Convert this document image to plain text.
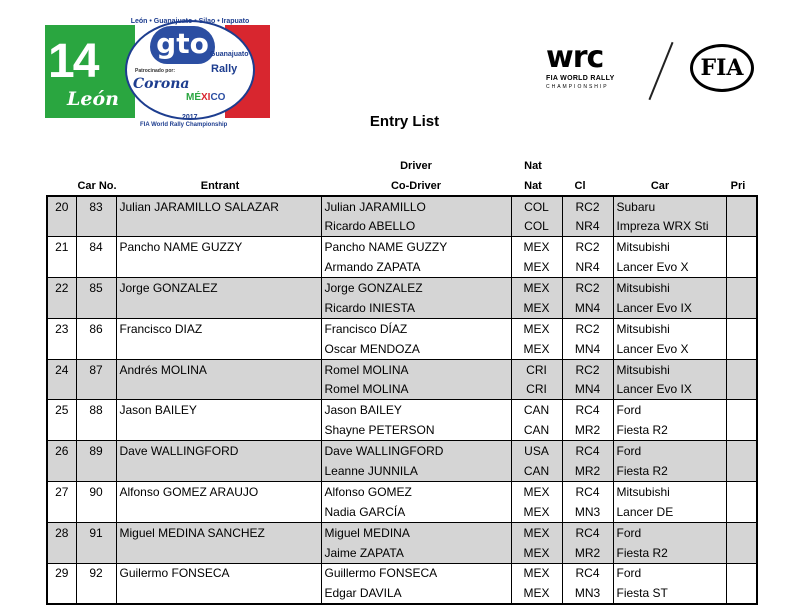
14
León
León • Guanajuato • Silao • Irapuato
gto Guanajuato
Rally
Patrocinado por:
Corona
MÉXICO
2017
FIA World Rally Championship
wrc
FIA WORLD RALLY
CHAMPIONSHIP
FIA
Entry List
Driver	Nat
Car No.	Entrant	Co-Driver	Nat	Cl	Car	Pri
20	83	Julian JARAMILLO SALAZAR	Julian JARAMILLO	COL	RC2	Subaru	
			Ricardo ABELLO	COL	NR4	Impreza WRX Sti	
21	84	Pancho NAME GUZZY	Pancho NAME GUZZY	MEX	RC2	Mitsubishi	
			Armando ZAPATA	MEX	NR4	Lancer Evo X	
22	85	Jorge GONZALEZ	Jorge GONZALEZ	MEX	RC2	Mitsubishi	
			Ricardo INIESTA	MEX	MN4	Lancer Evo IX	
23	86	Francisco DIAZ	Francisco DÍAZ	MEX	RC2	Mitsubishi	
			Oscar MENDOZA	MEX	MN4	Lancer Evo X	
24	87	Andrés MOLINA	Romel MOLINA	CRI	RC2	Mitsubishi	
			Romel MOLINA	CRI	MN4	Lancer Evo IX	
25	88	Jason BAILEY	Jason BAILEY	CAN	RC4	Ford	
			Shayne PETERSON	CAN	MR2	Fiesta R2	
26	89	Dave WALLINGFORD	Dave WALLINGFORD	USA	RC4	Ford	
			Leanne JUNNILA	CAN	MR2	Fiesta R2	
27	90	Alfonso GOMEZ ARAUJO	Alfonso GOMEZ	MEX	RC4	Mitsubishi	
			Nadia GARCÍA	MEX	MN3	Lancer DE	
28	91	Miguel MEDINA SANCHEZ	Miguel MEDINA	MEX	RC4	Ford	
			Jaime ZAPATA	MEX	MR2	Fiesta R2	
29	92	Guilermo FONSECA	Guillermo FONSECA	MEX	RC4	Ford	
			Edgar DAVILA	MEX	MN3	Fiesta ST	
